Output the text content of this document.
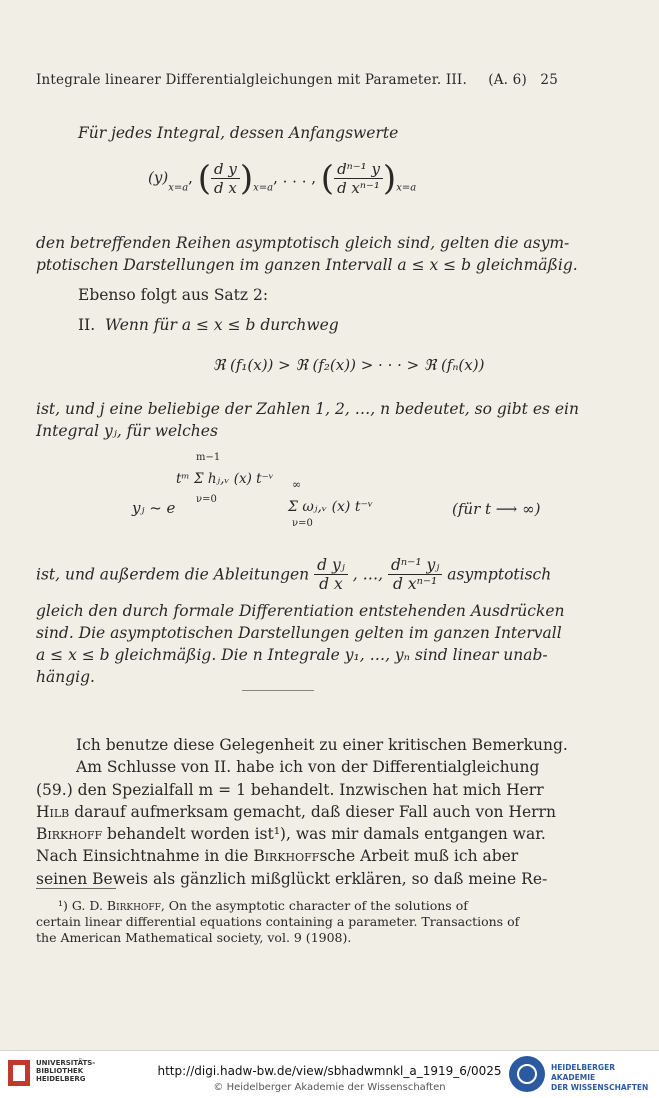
Integrale linearer Differentialgleichungen mit Parameter. III. (A. 6) 25
Für jedes Integral, dessen Anfangswerte
$(y)_{x=a}$, ( $\frac{\text{d y}}{\text{d x}} )_{x=a}$, . . . , ( $\frac{\text{dⁿ⁻¹ y}}{\text{d xⁿ⁻¹}} )_{x=a}$
den betreffenden Reihen asymptotisch gleich sind, gelten die asym-
ptotischen Darstellungen im ganzen Intervall a ≤ x ≤ b gleichmäßig.
Ebenso folgt aus Satz 2:
II. Wenn für a ≤ x ≤ b durchweg
ℜ (f₁(x)) > ℜ (f₂(x)) > · · · > ℜ (fₙ(x))
ist, und j eine beliebige der Zahlen 1, 2, …, n bedeutet, so gibt es ein
Integral yⱼ, für welches
m−1
tᵐ Σ hⱼ,ᵥ (x) t⁻ᵛ
ν=0
yⱼ ~ e
∞
Σ ωⱼ,ᵥ (x) t⁻ᵛ
ν=0
(für t ⟶ ∞)
ist, und außerdem die Ableitungen $\frac{\text{d yⱼ}}{\text{d x}}$ , …, $\frac{\text{dⁿ⁻¹ yⱼ}}{\text{d xⁿ⁻¹}}$ asymptotisch
gleich den durch formale Differentiation entstehenden Ausdrücken
sind. Die asymptotischen Darstellungen gelten im ganzen Intervall
a ≤ x ≤ b gleichmäßig. Die n Integrale y₁, …, yₙ sind linear unab-
hängig.
Ich benutze diese Gelegenheit zu einer kritischen Bemerkung.
Am Schlusse von II. habe ich von der Differentialgleichung
(59.) den Spezialfall m = 1 behandelt. Inzwischen hat mich Herr
Hilb darauf aufmerksam gemacht, daß dieser Fall auch von Herrn
Birkhoff behandelt worden ist¹), was mir damals entgangen war.
Nach Einsichtnahme in die Birkhoffsche Arbeit muß ich aber
seinen Beweis als gänzlich mißglückt erklären, so daß meine Re-
¹) G. D. Birkhoff, On the asymptotic character of the solutions of
certain linear differential equations containing a parameter. Transactions of
the American Mathematical society, vol. 9 (1908).
UNIVERSITÄTS-
BIBLIOTHEK
HEIDELBERG
http://digi.hadw-bw.de/view/sbhadwmnkl_a_1919_6/0025
© Heidelberger Akademie der Wissenschaften
HEIDELBERGER AKADEMIE
DER WISSENSCHAFTEN
